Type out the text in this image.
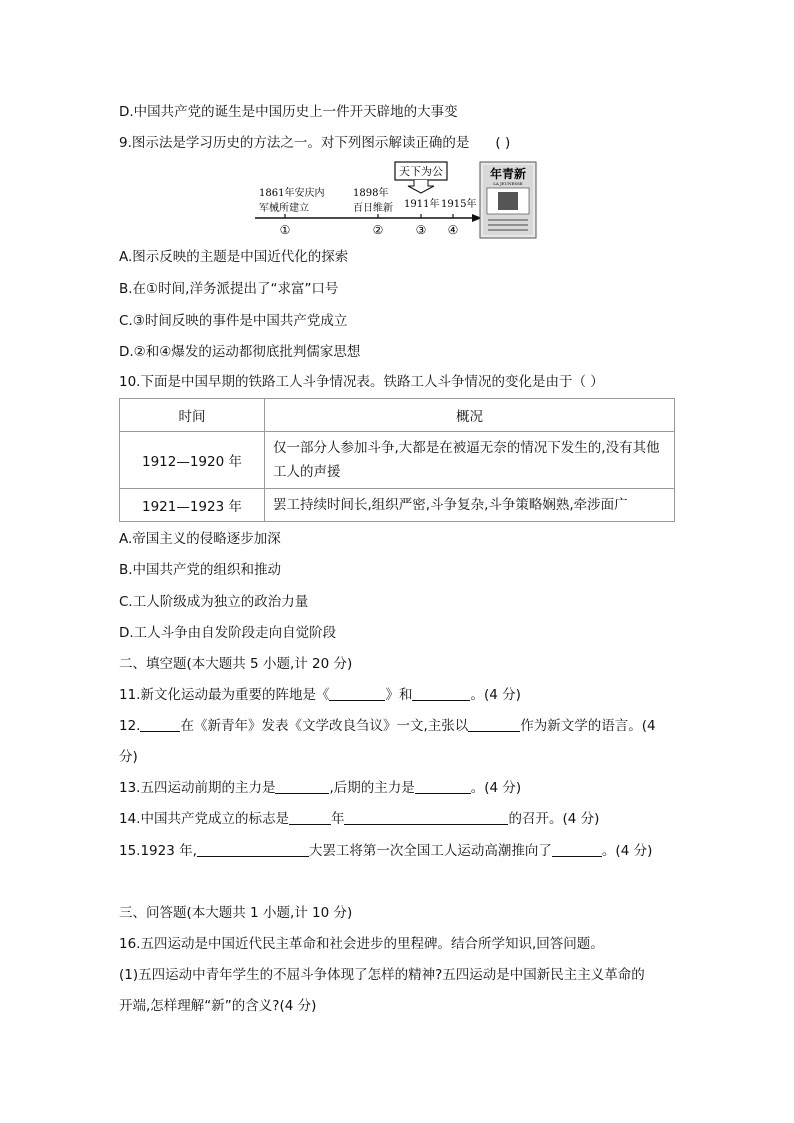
D.中国共产党的诞生是中国历史上一件开天辟地的大事变
9.图示法是学习历史的方法之一。对下列图示解读正确的是 ( )
天下为公
1861年安庆内
军械所建立
1898年
百日维新 1911年 1915年
①	②	③ ④
年青新
LA JEUNESSE
A.图示反映的主题是中国近代化的探索
B.在①时间,洋务派提出了“求富”口号
C.③时间反映的事件是中国共产党成立
D.②和④爆发的运动都彻底批判儒家思想
10.下面是中国早期的铁路工人斗争情况表。铁路工人斗争情况的变化是由于（ ）
时间	概况
1912—1920 年	仅一部分人参加斗争,大都是在被逼无奈的情况下发生的,没有其他工人的声援
1921—1923 年	罢工持续时间长,组织严密,斗争复杂,斗争策略娴熟,牵涉面广
A.帝国主义的侵略逐步加深
B.中国共产党的组织和推动
C.工人阶级成为独立的政治力量
D.工人斗争由自发阶段走向自觉阶段
二、填空题(本大题共 5 小题,计 20 分)
11.新文化运动最为重要的阵地是《	》和	。(4 分)
12.	在《新青年》发表《文学改良刍议》一文,主张以	作为新文学的语言。(4
分)
13.五四运动前期的主力是	,后期的主力是	。(4 分)
14.中国共产党成立的标志是	年	的召开。(4 分)
15.1923 年,	大罢工将第一次全国工人运动高潮推向了	。(4 分)
三、问答题(本大题共 1 小题,计 10 分)
16.五四运动是中国近代民主革命和社会进步的里程碑。结合所学知识,回答问题。
(1)五四运动中青年学生的不屈斗争体现了怎样的精神?五四运动是中国新民主主义革命的
开端,怎样理解“新”的含义?(4 分)
